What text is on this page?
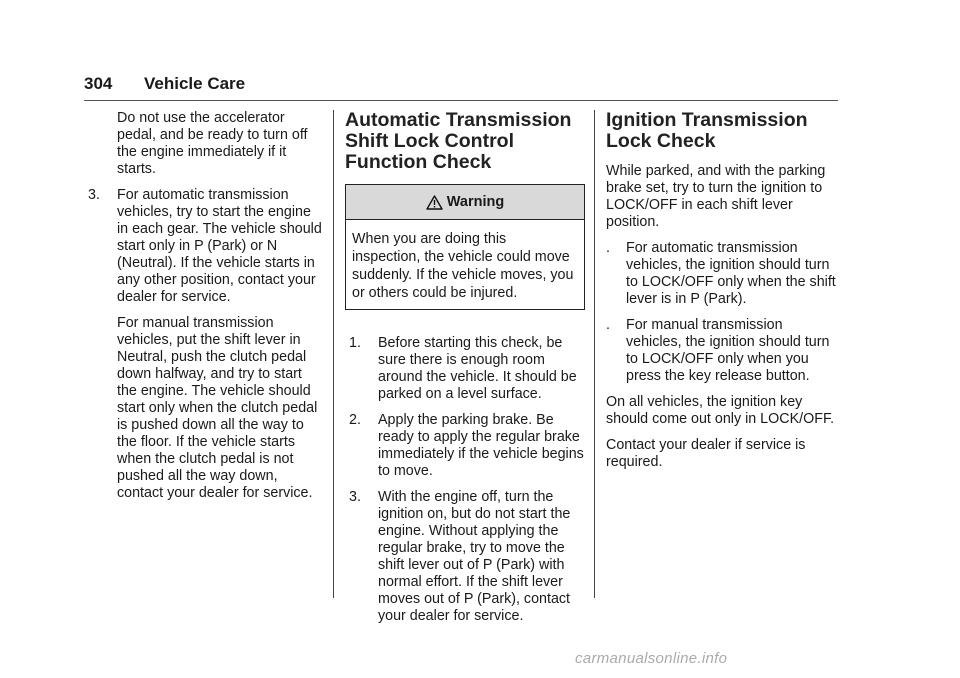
304 Vehicle Care

Do not use the accelerator pedal, and be ready to turn off the engine immediately if it starts.

3. For automatic transmission vehicles, try to start the engine in each gear. The vehicle should start only in P (Park) or N (Neutral). If the vehicle starts in any other position, contact your dealer for service.

For manual transmission vehicles, put the shift lever in Neutral, push the clutch pedal down halfway, and try to start the engine. The vehicle should start only when the clutch pedal is pushed down all the way to the floor. If the vehicle starts when the clutch pedal is not pushed all the way down, contact your dealer for service.

Automatic Transmission Shift Lock Control Function Check
Warning
When you are doing this inspection, the vehicle could move suddenly. If the vehicle moves, you or others could be injured.
1. Before starting this check, be sure there is enough room around the vehicle. It should be parked on a level surface.
2. Apply the parking brake. Be ready to apply the regular brake immediately if the vehicle begins to move.
3. With the engine off, turn the ignition on, but do not start the engine. Without applying the regular brake, try to move the shift lever out of P (Park) with normal effort. If the shift lever moves out of P (Park), contact your dealer for service.
Ignition Transmission Lock Check

While parked, and with the parking brake set, try to turn the ignition to LOCK/OFF in each shift lever position.

. For automatic transmission vehicles, the ignition should turn to LOCK/OFF only when the shift lever is in P (Park).
. For manual transmission vehicles, the ignition should turn to LOCK/OFF only when you press the key release button.

On all vehicles, the ignition key should come out only in LOCK/OFF.

Contact your dealer if service is required.

carmanualsonline.info
